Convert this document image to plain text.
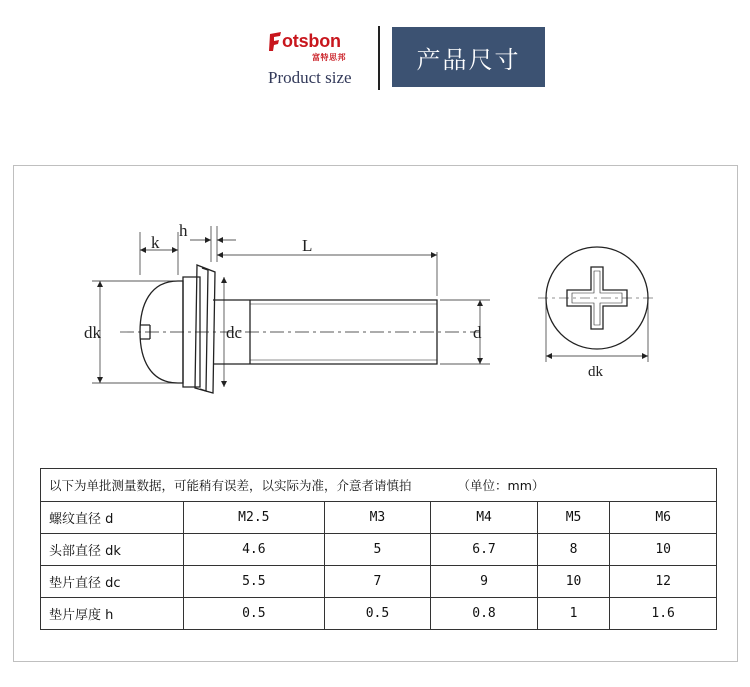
otsbon
富特思邦
Product size
产品尺寸
k
h
L
dk	dc	d
dk
以下为单批测量数据，可能稍有误差，以实际为准，介意者请慎拍 （单位：mm）					
螺纹直径 d	M2.5	M3	M4	M5	M6
头部直径 dk	4.6	5	6.7	8	10
垫片直径 dc	5.5	7	9	10	12
垫片厚度 h	0.5	0.5	0.8	1	1.6
